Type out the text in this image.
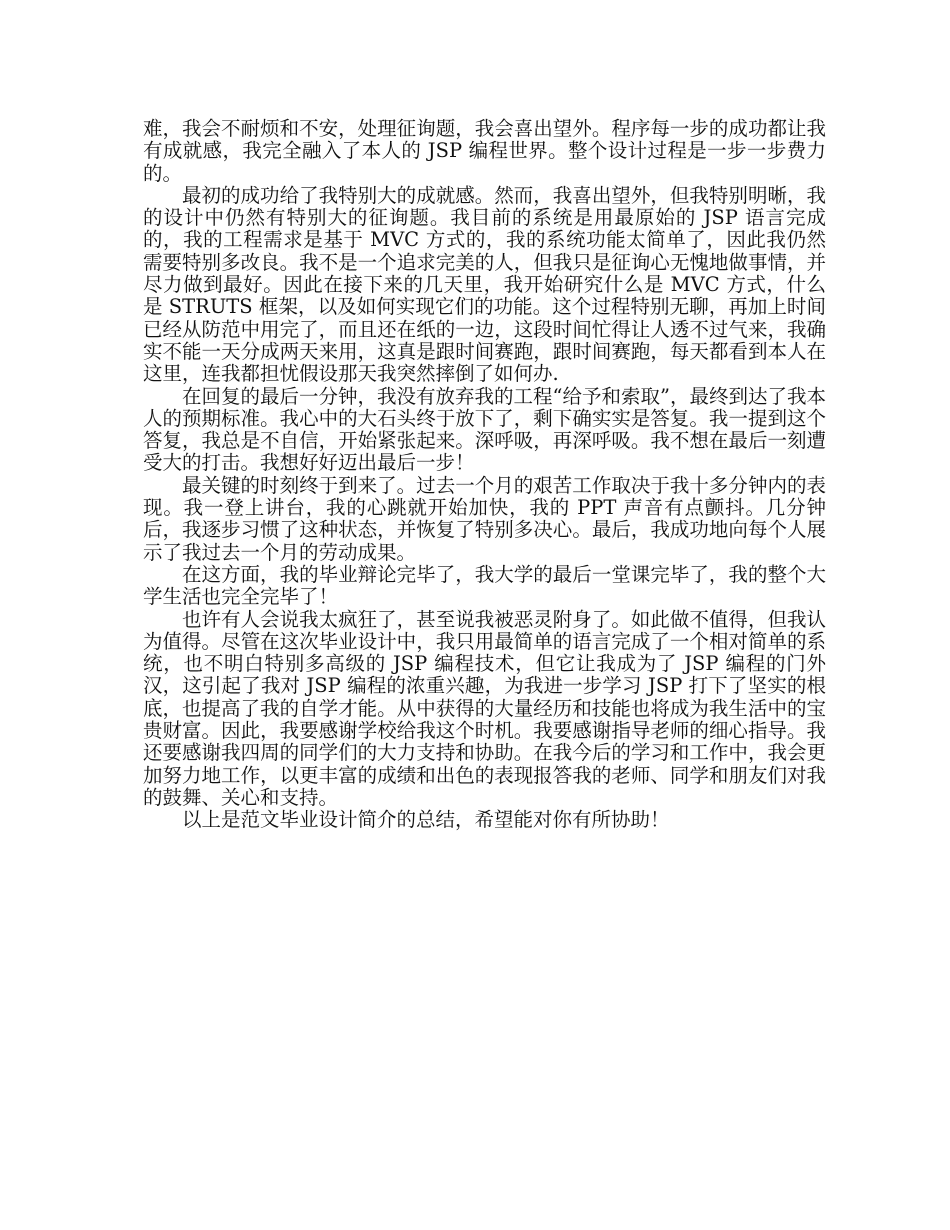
难，我会不耐烦和不安，处理征询题，我会喜出望外。程序每一步的成功都让我有成就感，我完全融入了本人的 JSP 编程世界。整个设计过程是一步一步费力的。

最初的成功给了我特别大的成就感。然而，我喜出望外，但我特别明晰，我的设计中仍然有特别大的征询题。我目前的系统是用最原始的 JSP 语言完成的，我的工程需求是基于 MVC 方式的，我的系统功能太简单了，因此我仍然需要特别多改良。我不是一个追求完美的人，但我只是征询心无愧地做事情，并尽力做到最好。因此在接下来的几天里，我开始研究什么是 MVC 方式，什么是 STRUTS 框架，以及如何实现它们的功能。这个过程特别无聊，再加上时间已经从防范中用完了，而且还在纸的一边，这段时间忙得让人透不过气来，我确实不能一天分成两天来用，这真是跟时间赛跑，跟时间赛跑，每天都看到本人在这里，连我都担忧假设那天我突然摔倒了如何办.

在回复的最后一分钟，我没有放弃我的工程“给予和索取”，最终到达了我本人的预期标准。我心中的大石头终于放下了，剩下确实实是答复。我一提到这个答复，我总是不自信，开始紧张起来。深呼吸，再深呼吸。我不想在最后一刻遭受大的打击。我想好好迈出最后一步！

最关键的时刻终于到来了。过去一个月的艰苦工作取决于我十多分钟内的表现。我一登上讲台，我的心跳就开始加快，我的 PPT 声音有点颤抖。几分钟后，我逐步习惯了这种状态，并恢复了特别多决心。最后，我成功地向每个人展示了我过去一个月的劳动成果。

在这方面，我的毕业辩论完毕了，我大学的最后一堂课完毕了，我的整个大学生活也完全完毕了！

也许有人会说我太疯狂了，甚至说我被恶灵附身了。如此做不值得，但我认为值得。尽管在这次毕业设计中，我只用最简单的语言完成了一个相对简单的系统，也不明白特别多高级的 JSP 编程技术，但它让我成为了 JSP 编程的门外汉，这引起了我对 JSP 编程的浓重兴趣，为我进一步学习 JSP 打下了坚实的根底，也提高了我的自学才能。从中获得的大量经历和技能也将成为我生活中的宝贵财富。因此，我要感谢学校给我这个时机。我要感谢指导老师的细心指导。我还要感谢我四周的同学们的大力支持和协助。在我今后的学习和工作中，我会更加努力地工作，以更丰富的成绩和出色的表现报答我的老师、同学和朋友们对我的鼓舞、关心和支持。

以上是范文毕业设计简介的总结，希望能对你有所协助！
